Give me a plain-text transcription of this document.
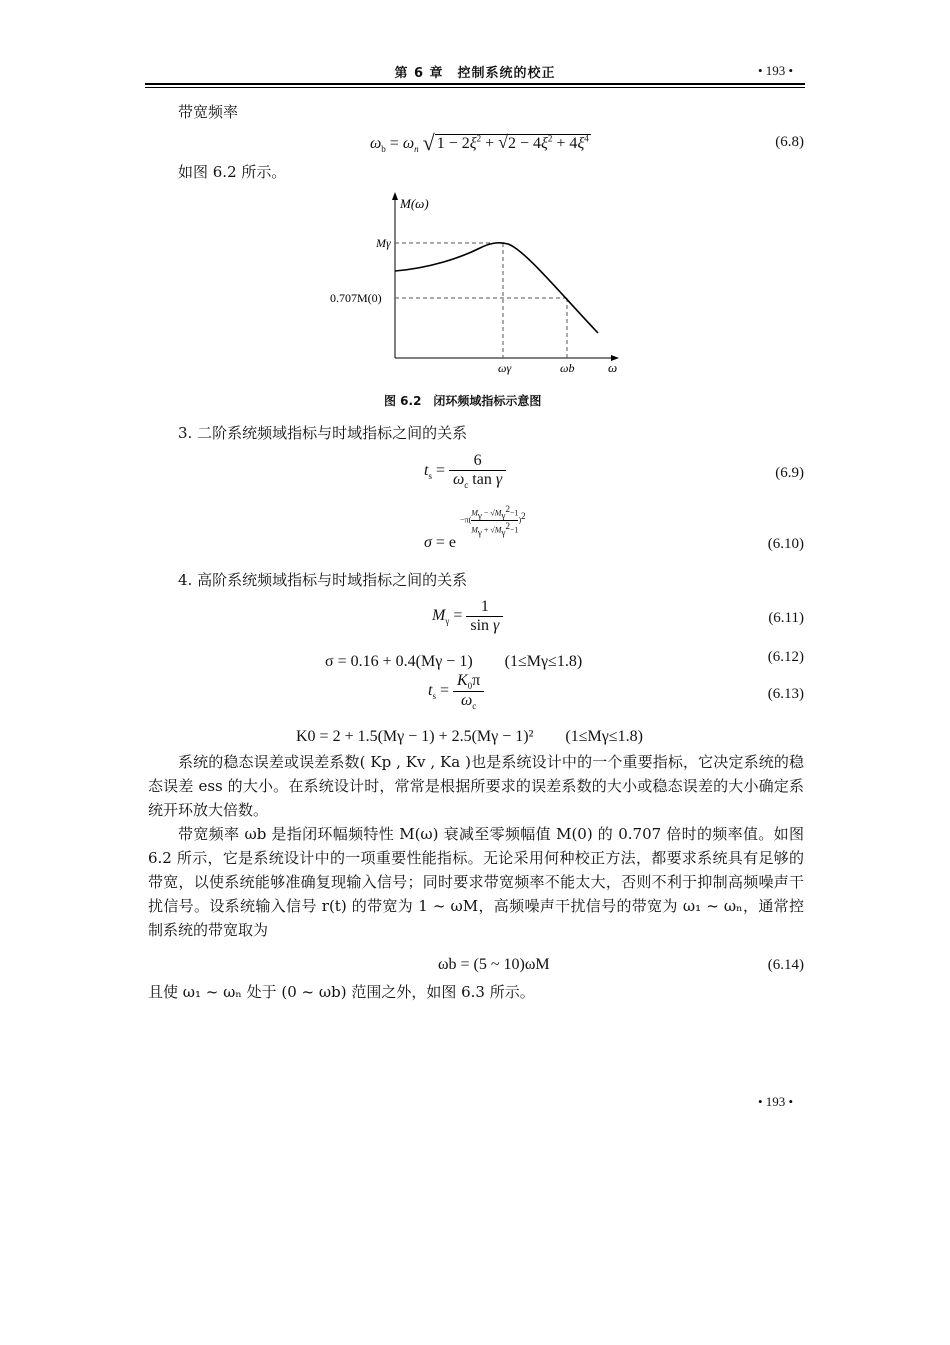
第 6 章　控制系统的校正	• 193 •
带宽频率
$\omega_b = \omega_n$ √ $1 - 2\xi^2 + √2 - 4\xi^2 + 4\xi^4$	(6.8)
如图 6.2 所示。
M(ω)
Mγ
0.707M(0)
ωγ	ωb	ω
图 6.2　闭环频域指标示意图
3. 二阶系统频域指标与时域指标之间的关系
$t_s = \frac{6}{\omega_c \tan \gamma}$	(6.9)
$\sigma = e -\pi( \frac{M_\gamma - √M_\gamma^2-1}{M_\gamma + √M_\gamma^2-1} )^2$
(6.10)
4. 高阶系统频域指标与时域指标之间的关系
$M_\gamma = \frac{1}{\text{sin γ}}$	(6.11)
σ = 0.16 + 0.4(Mγ − 1)　　(1≤Mγ≤1.8)	(6.12)
$t_s = \frac{K_0\pi}{\omega_c}$	(6.13)
K0 = 2 + 1.5(Mγ − 1) + 2.5(Mγ − 1)²　　(1≤Mγ≤1.8)

系统的稳态误差或误差系数( Kp , Kv , Ka )也是系统设计中的一个重要指标，它决定系统的稳态误差 ess 的大小。在系统设计时，常常是根据所要求的误差系数的大小或稳态误差的大小确定系统开环放大倍数。

带宽频率 ωb 是指闭环幅频特性 M(ω) 衰减至零频幅值 M(0) 的 0.707 倍时的频率值。如图 6.2 所示，它是系统设计中的一项重要性能指标。无论采用何种校正方法，都要求系统具有足够的带宽，以使系统能够准确复现输入信号；同时要求带宽频率不能太大，否则不利于抑制高频噪声干扰信号。设系统输入信号 r(t) 的带宽为 1 ~ ωM，高频噪声干扰信号的带宽为 ω₁ ~ ωₙ，通常控制系统的带宽取为

ωb = (5 ~ 10)ωM	(6.14)
且使 ω₁ ~ ωₙ 处于 (0 ~ ωb) 范围之外，如图 6.3 所示。
• 193 •
